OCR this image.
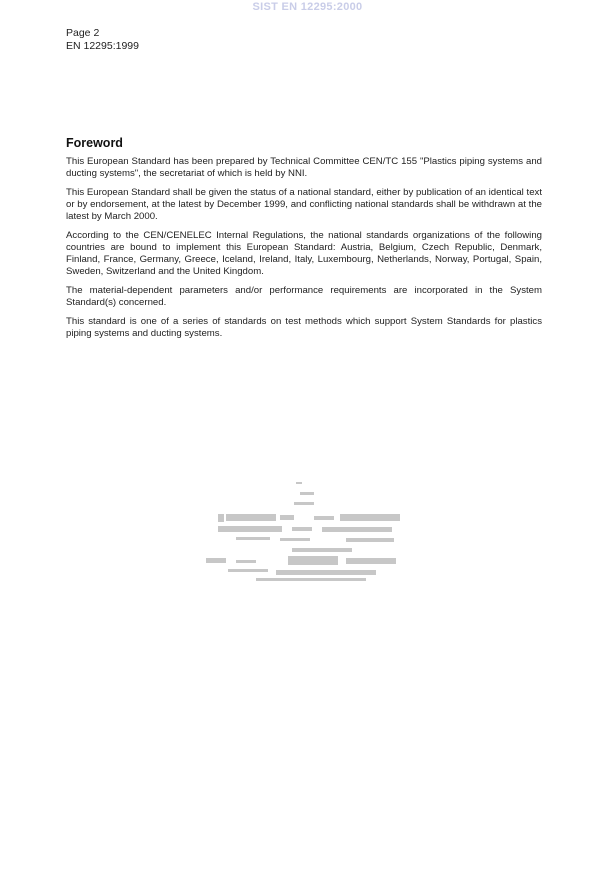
SIST EN 12295:2000
Page 2
EN 12295:1999
Foreword

This European Standard has been prepared by Technical Committee CEN/TC 155 "Plastics piping systems and ducting systems", the secretariat of which is held by NNI.

This European Standard shall be given the status of a national standard, either by publication of an identical text or by endorsement, at the latest by December 1999, and conflicting national standards shall be withdrawn at the latest by March 2000.

According to the CEN/CENELEC Internal Regulations, the national standards organizations of the following countries are bound to implement this European Standard: Austria, Belgium, Czech Republic, Denmark, Finland, France, Germany, Greece, Iceland, Ireland, Italy, Luxembourg, Netherlands, Norway, Portugal, Spain, Sweden, Switzerland and the United Kingdom.

The material-dependent parameters and/or performance requirements are incorporated in the System Standard(s) concerned.

This standard is one of a series of standards on test methods which support System Standards for plastics piping systems and ducting systems.
